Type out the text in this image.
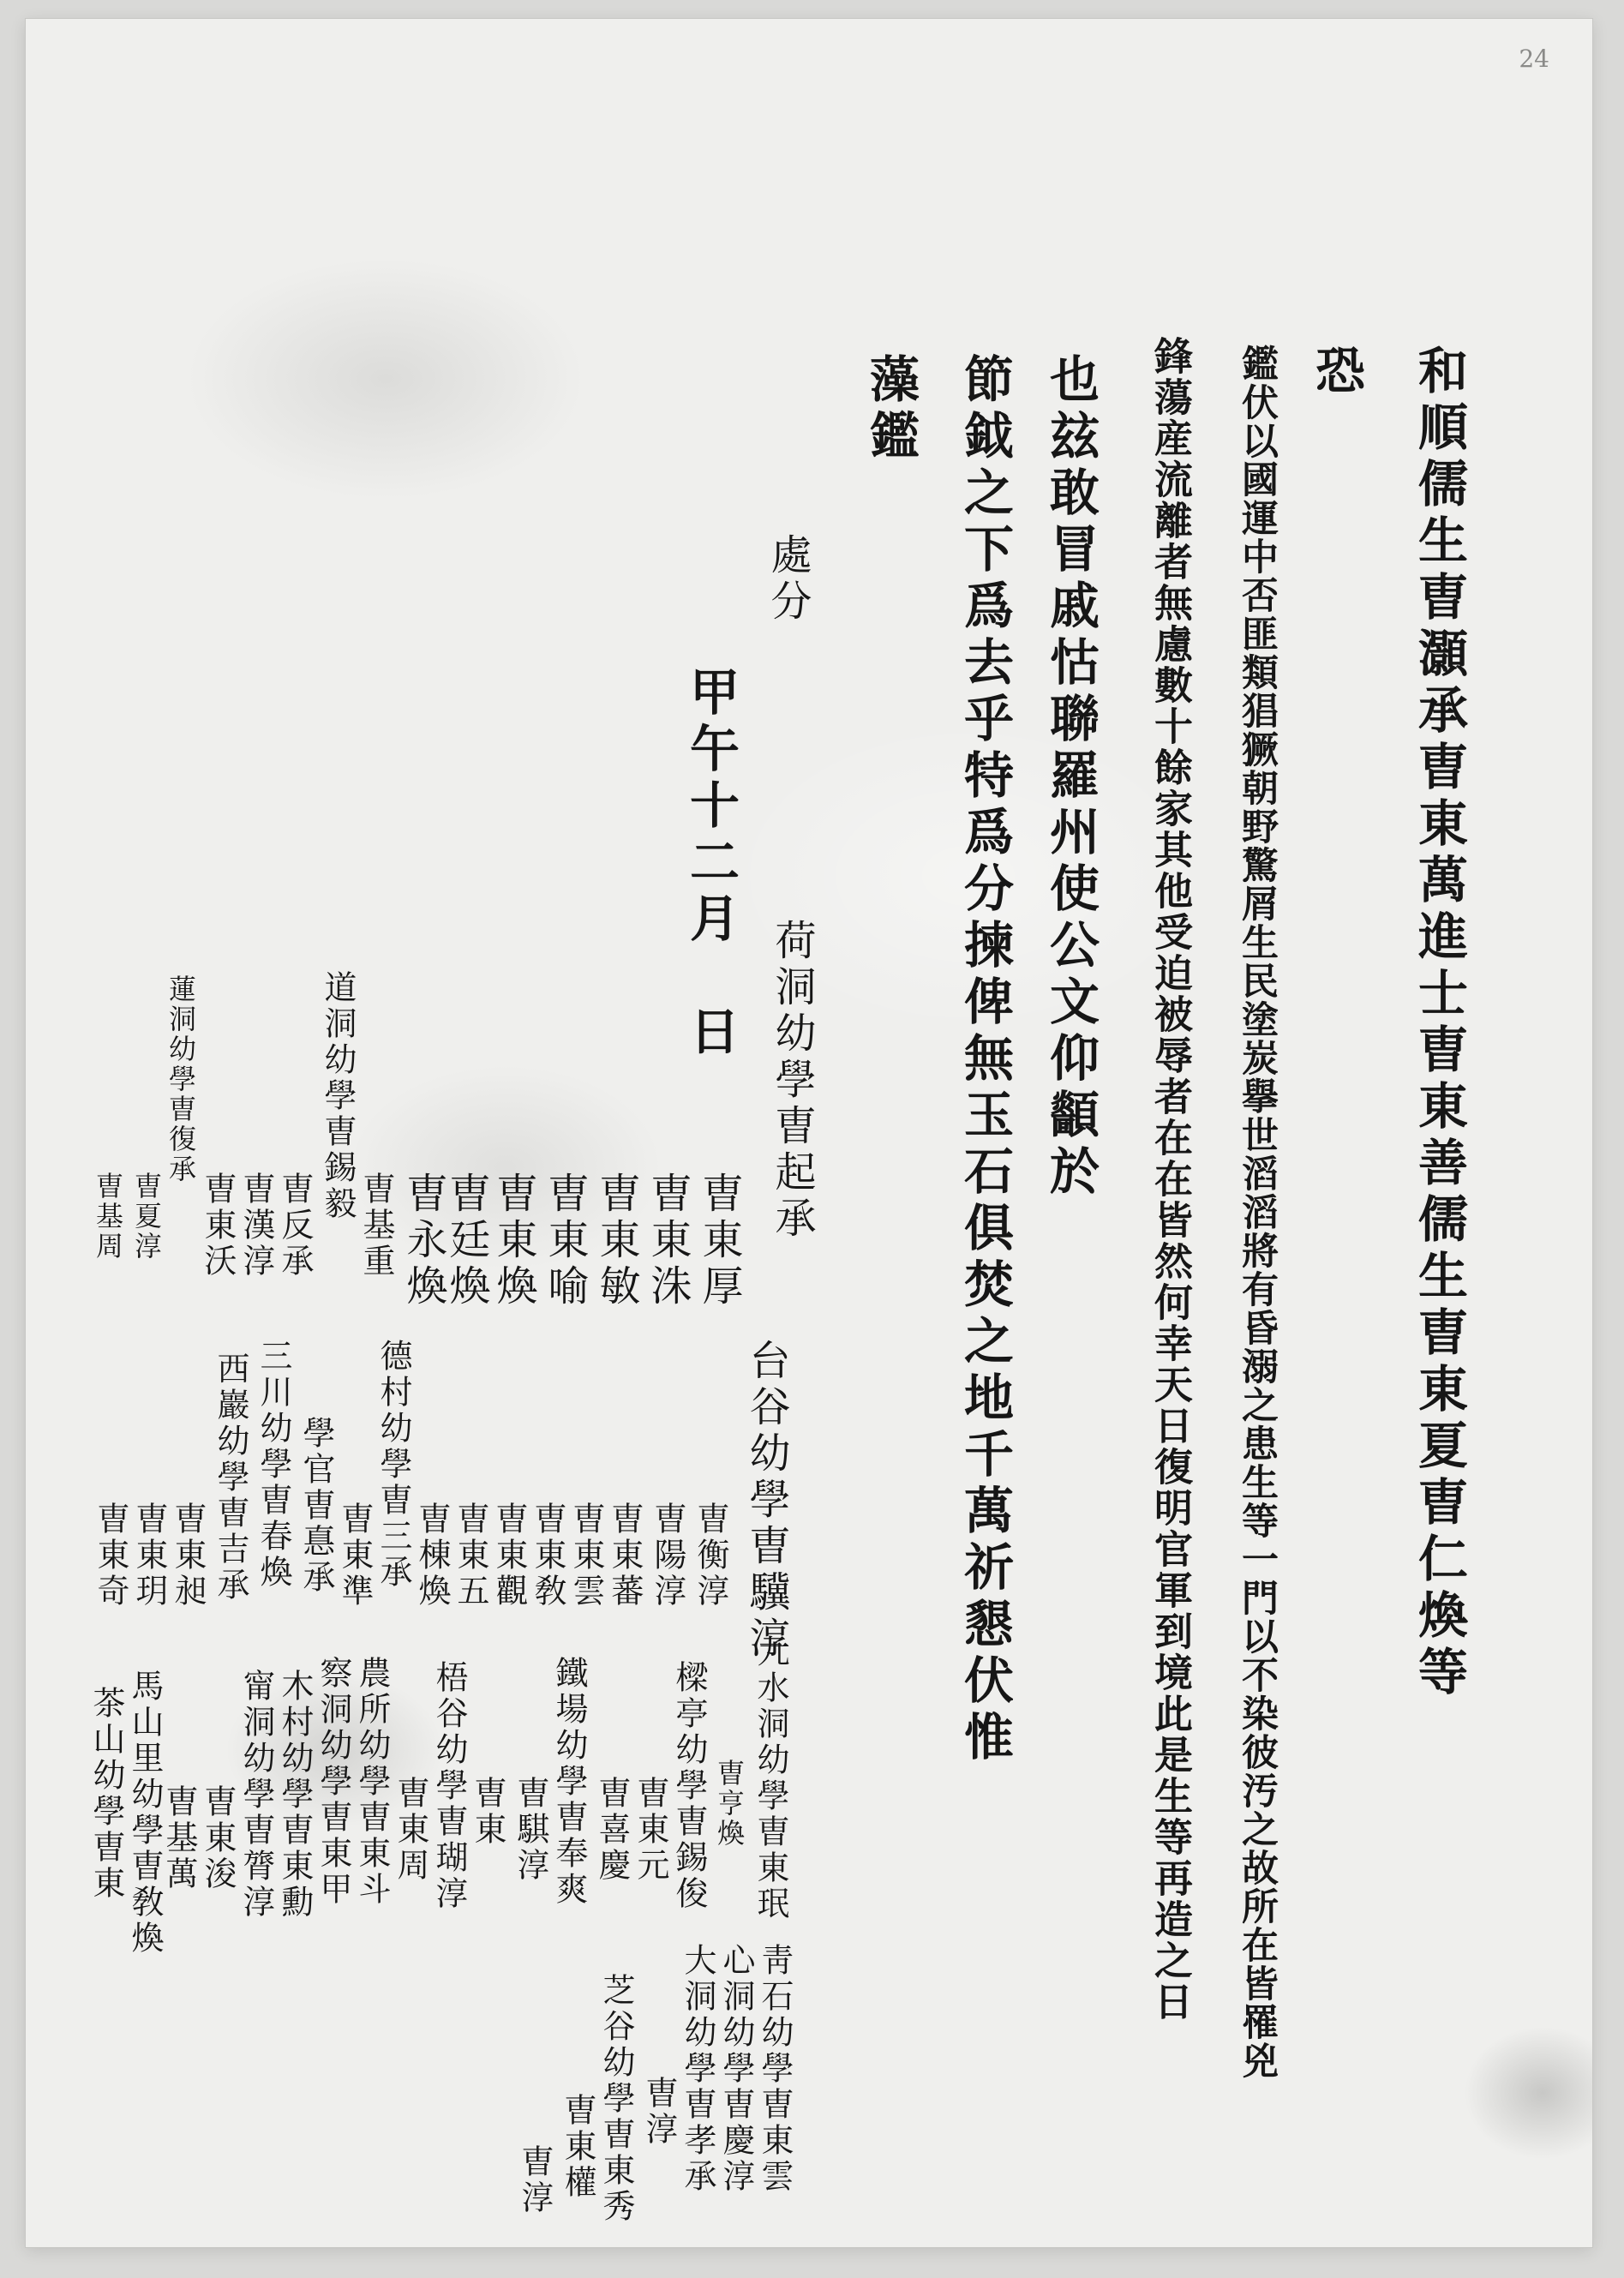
24
和順儒生曺灝承曺東萬進士曺東善儒生曺東夏曺仁煥等
恐
鑑伏以國運中否匪類猖獗朝野驚屑生民塗炭擧世滔滔將有昏溺之患生等一門以不染彼汚之故所在皆罹兇
鋒蕩産流離者無慮數十餘家其他受迫被辱者在在皆然何幸天日復明官軍到境此是生等再造之日
也玆敢冒戚怙聯羅州使公文仰顲於
節鉞之下爲去乎特爲分揀俾無玉石俱焚之地千萬祈懇伏惟
藻鑑
處分
甲午十二月　日
荷洞幼學曺起承
曺東厚
曺東洙
曺東敏
曺東喻
曺東煥
曺廷煥
曺永煥
曺基重
道洞幼學曺錫毅
曺反承
曺漢淳
曺東沃
蓮洞幼學曺復承
曺夏淳
曺基周
台谷幼學曺驥淳
曺衡淳
曺陽淳
曺東蕃
曺東雲
曺東敎
曺東觀
曺東五
曺棟煥
德村幼學曺三承
曺東準
學官曺惪承
三川幼學曺春煥
西巖幼學曺吉承
曺東昶
曺東玥
曺東奇
九水洞幼學曺東珉
曺亨煥
樑亭幼學曺錫俊
曺東元
曺喜慶
鐵場幼學曺奉爽
曺騏淳
曺東
梧谷幼學曺瑚淳
曺東周
農所幼學曺東斗
察洞幼學曺東甲
木村幼學曺東勳
甯洞幼學曺膂淳
曺東浚
曺基萬
馬山里幼學曺敎煥
茶山幼學曺東
靑石幼學曺東雲
心洞幼學曺慶淳
大洞幼學曺孝承
曺淳
芝谷幼學曺東秀
曺東權
曺淳
